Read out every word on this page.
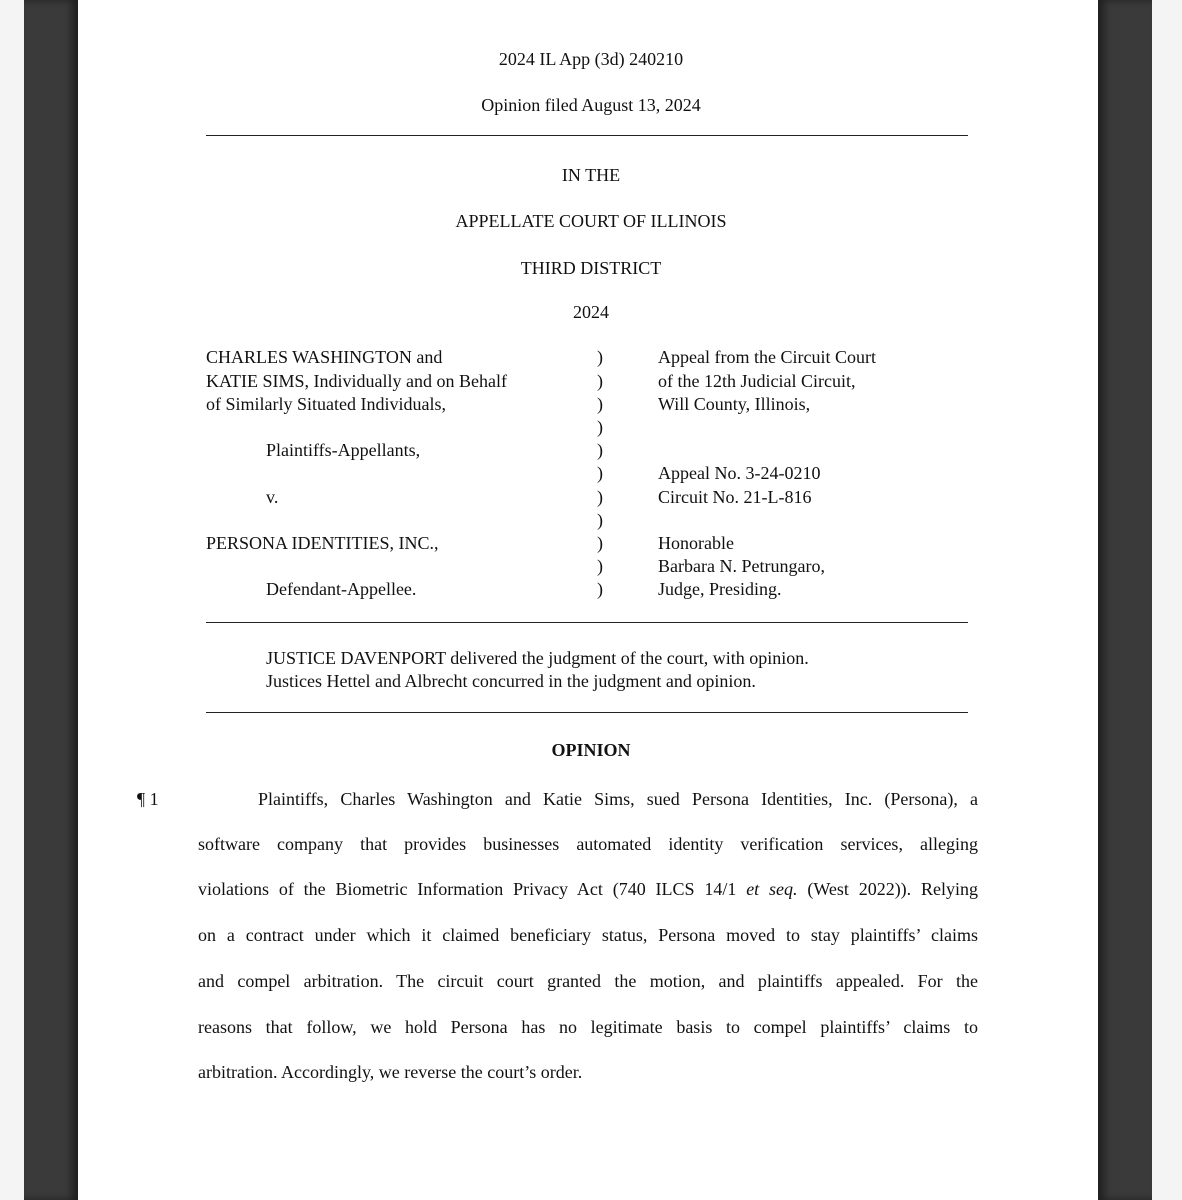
2024 IL App (3d) 240210
Opinion filed August 13, 2024
IN THE
APPELLATE COURT OF ILLINOIS
THIRD DISTRICT
2024
CHARLES WASHINGTON and
KATIE SIMS, Individually and on Behalf
of Similarly Situated Individuals,
Plaintiffs-Appellants,
v.
PERSONA IDENTITIES, INC.,
Defendant-Appellee.
)
)
)
)
)
)
)
)
)
)
)
Appeal from the Circuit Court
of the 12th Judicial Circuit,
Will County, Illinois,
Appeal No. 3-24-0210
Circuit No. 21-L-816
Honorable
Barbara N. Petrungaro,
Judge, Presiding.
JUSTICE DAVENPORT delivered the judgment of the court, with opinion.
Justices Hettel and Albrecht concurred in the judgment and opinion.
OPINION
¶ 1	Plaintiffs, Charles Washington and Katie Sims, sued Persona Identities, Inc. (Persona), a
software company that provides businesses automated identity verification services, alleging
violations of the Biometric Information Privacy Act (740 ILCS 14/1 et seq. (West 2022)). Relying
on a contract under which it claimed beneficiary status, Persona moved to stay plaintiffs’ claims
and compel arbitration. The circuit court granted the motion, and plaintiffs appealed. For the
reasons that follow, we hold Persona has no legitimate basis to compel plaintiffs’ claims to
arbitration. Accordingly, we reverse the court’s order.
